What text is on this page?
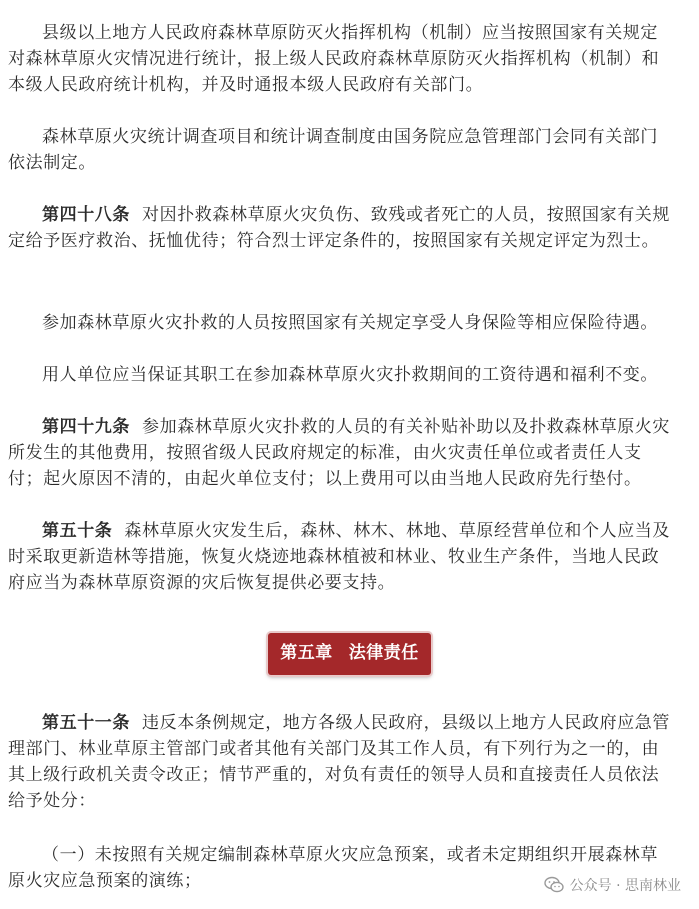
县级以上地方人民政府森林草原防灭火指挥机构（机制）应当按照国家有关规定对森林草原火灾情况进行统计，报上级人民政府森林草原防灭火指挥机构（机制）和本级人民政府统计机构，并及时通报本级人民政府有关部门。

森林草原火灾统计调查项目和统计调查制度由国务院应急管理部门会同有关部门依法制定。

第四十八条 对因扑救森林草原火灾负伤、致残或者死亡的人员，按照国家有关规定给予医疗救治、抚恤优待；符合烈士评定条件的，按照国家有关规定评定为烈士。

参加森林草原火灾扑救的人员按照国家有关规定享受人身保险等相应保险待遇。

用人单位应当保证其职工在参加森林草原火灾扑救期间的工资待遇和福利不变。

第四十九条 参加森林草原火灾扑救的人员的有关补贴补助以及扑救森林草原火灾所发生的其他费用，按照省级人民政府规定的标准，由火灾责任单位或者责任人支付；起火原因不清的，由起火单位支付；以上费用可以由当地人民政府先行垫付。

第五十条 森林草原火灾发生后，森林、林木、林地、草原经营单位和个人应当及时采取更新造林等措施，恢复火烧迹地森林植被和林业、牧业生产条件，当地人民政府应当为森林草原资源的灾后恢复提供必要支持。

第五章 法律责任

第五十一条 违反本条例规定，地方各级人民政府，县级以上地方人民政府应急管理部门、林业草原主管部门或者其他有关部门及其工作人员，有下列行为之一的，由其上级行政机关责令改正；情节严重的，对负有责任的领导人员和直接责任人员依法给予处分：

（一）未按照有关规定编制森林草原火灾应急预案，或者未定期组织开展森林草原火灾应急预案的演练；	公众号 · 思南林业
